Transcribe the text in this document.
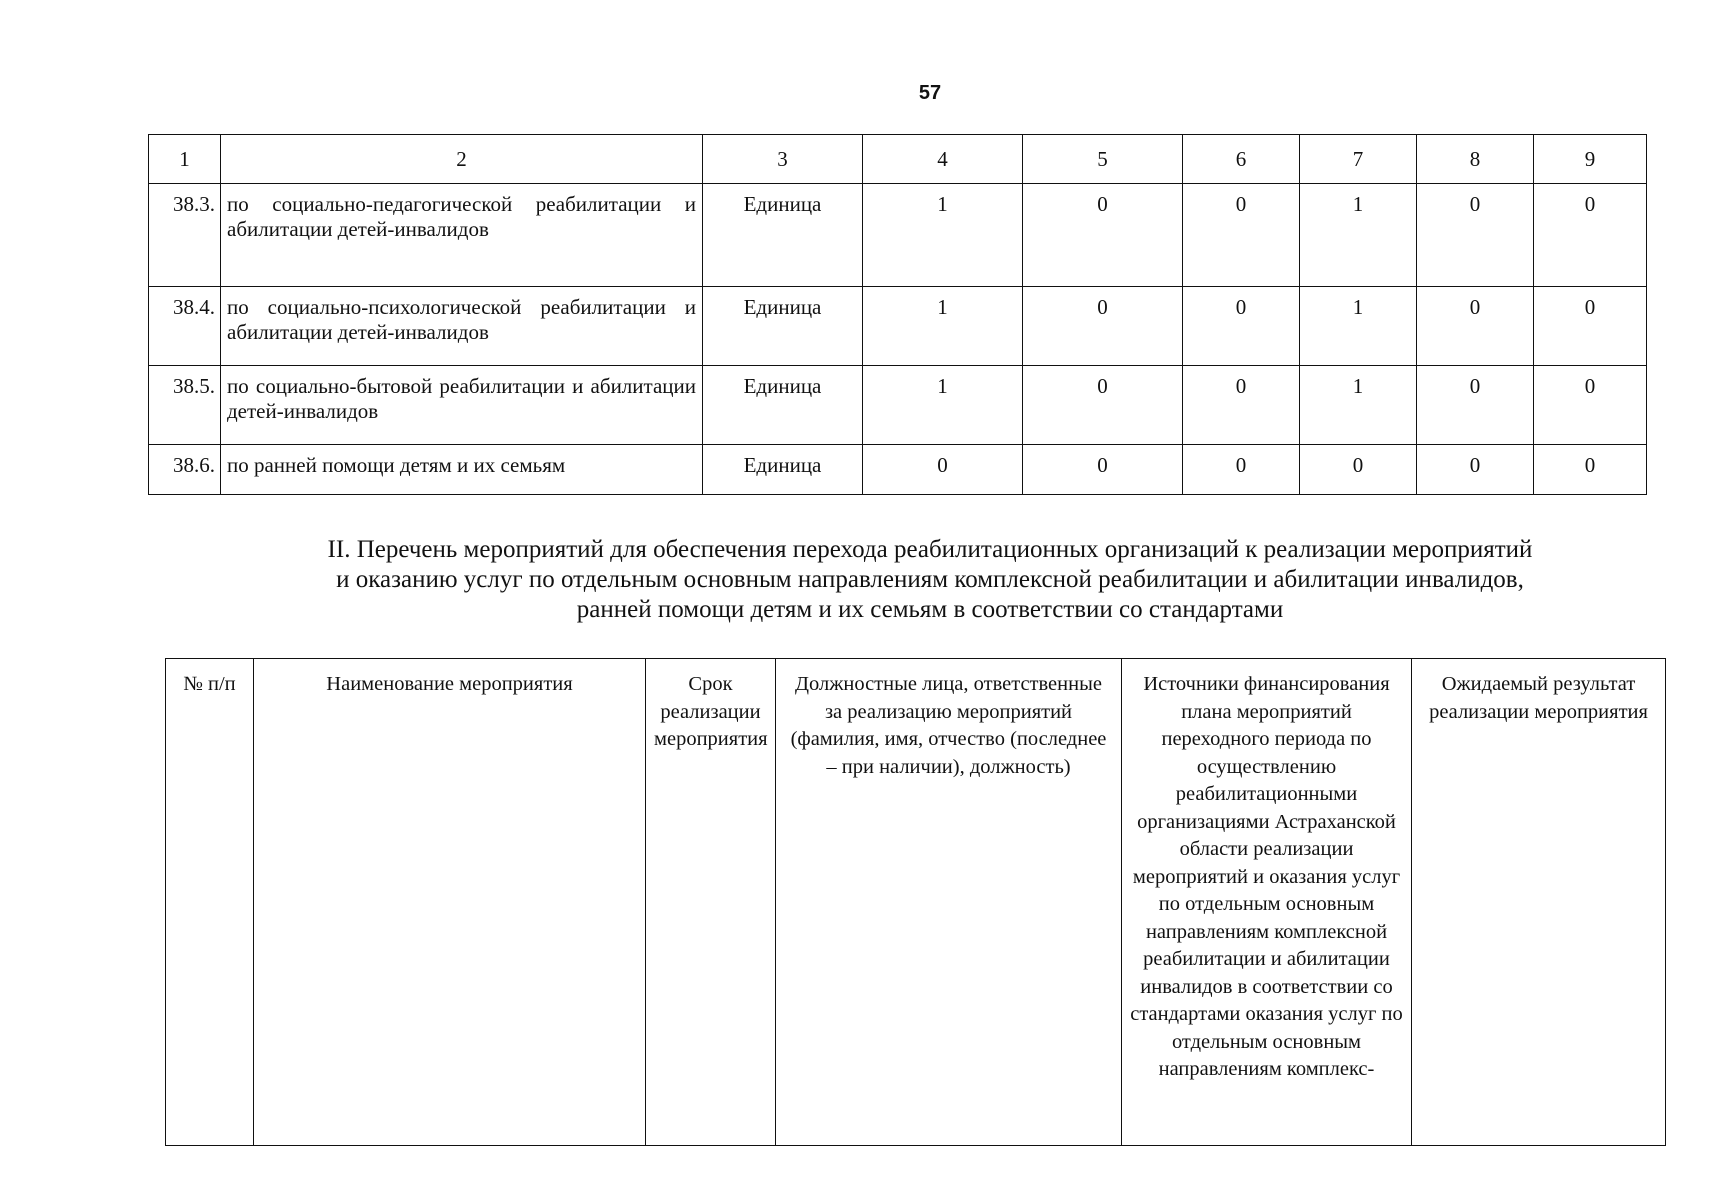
57
1	2	3	4	5	6	7	8	9
38.3.	по социально-педагогической реабилитации и абилитации детей-инвалидов	Единица	1	0	0	1	0	0
38.4.	по социально-психологической реабилитации и абилитации детей-инвалидов	Единица	1	0	0	1	0	0
38.5.	по социально-бытовой реабилитации и абилитации детей-инвалидов	Единица	1	0	0	1	0	0
38.6.	по ранней помощи детям и их семьям	Единица	0	0	0	0	0	0
II. Перечень мероприятий для обеспечения перехода реабилитационных организаций к реализации мероприятий
и оказанию услуг по отдельным основным направлениям комплексной реабилитации и абилитации инвалидов,
ранней помощи детям и их семьям в соответствии со стандартами
№ п/п	Наименование мероприятия	Срок реализации мероприятия	Должностные лица, ответственные за реализацию мероприятий (фамилия, имя, отчество (последнее – при наличии), должность)	Источники финансирования плана мероприятий переходного периода по осуществлению реабилитационными организациями Астраханской области реализации мероприятий и оказания услуг по отдельным основным направлениям комплексной реабилитации и абилитации инвалидов в соответствии со стандартами оказания услуг по отдельным основным направлениям комплекс-	Ожидаемый результат реализации мероприятия
